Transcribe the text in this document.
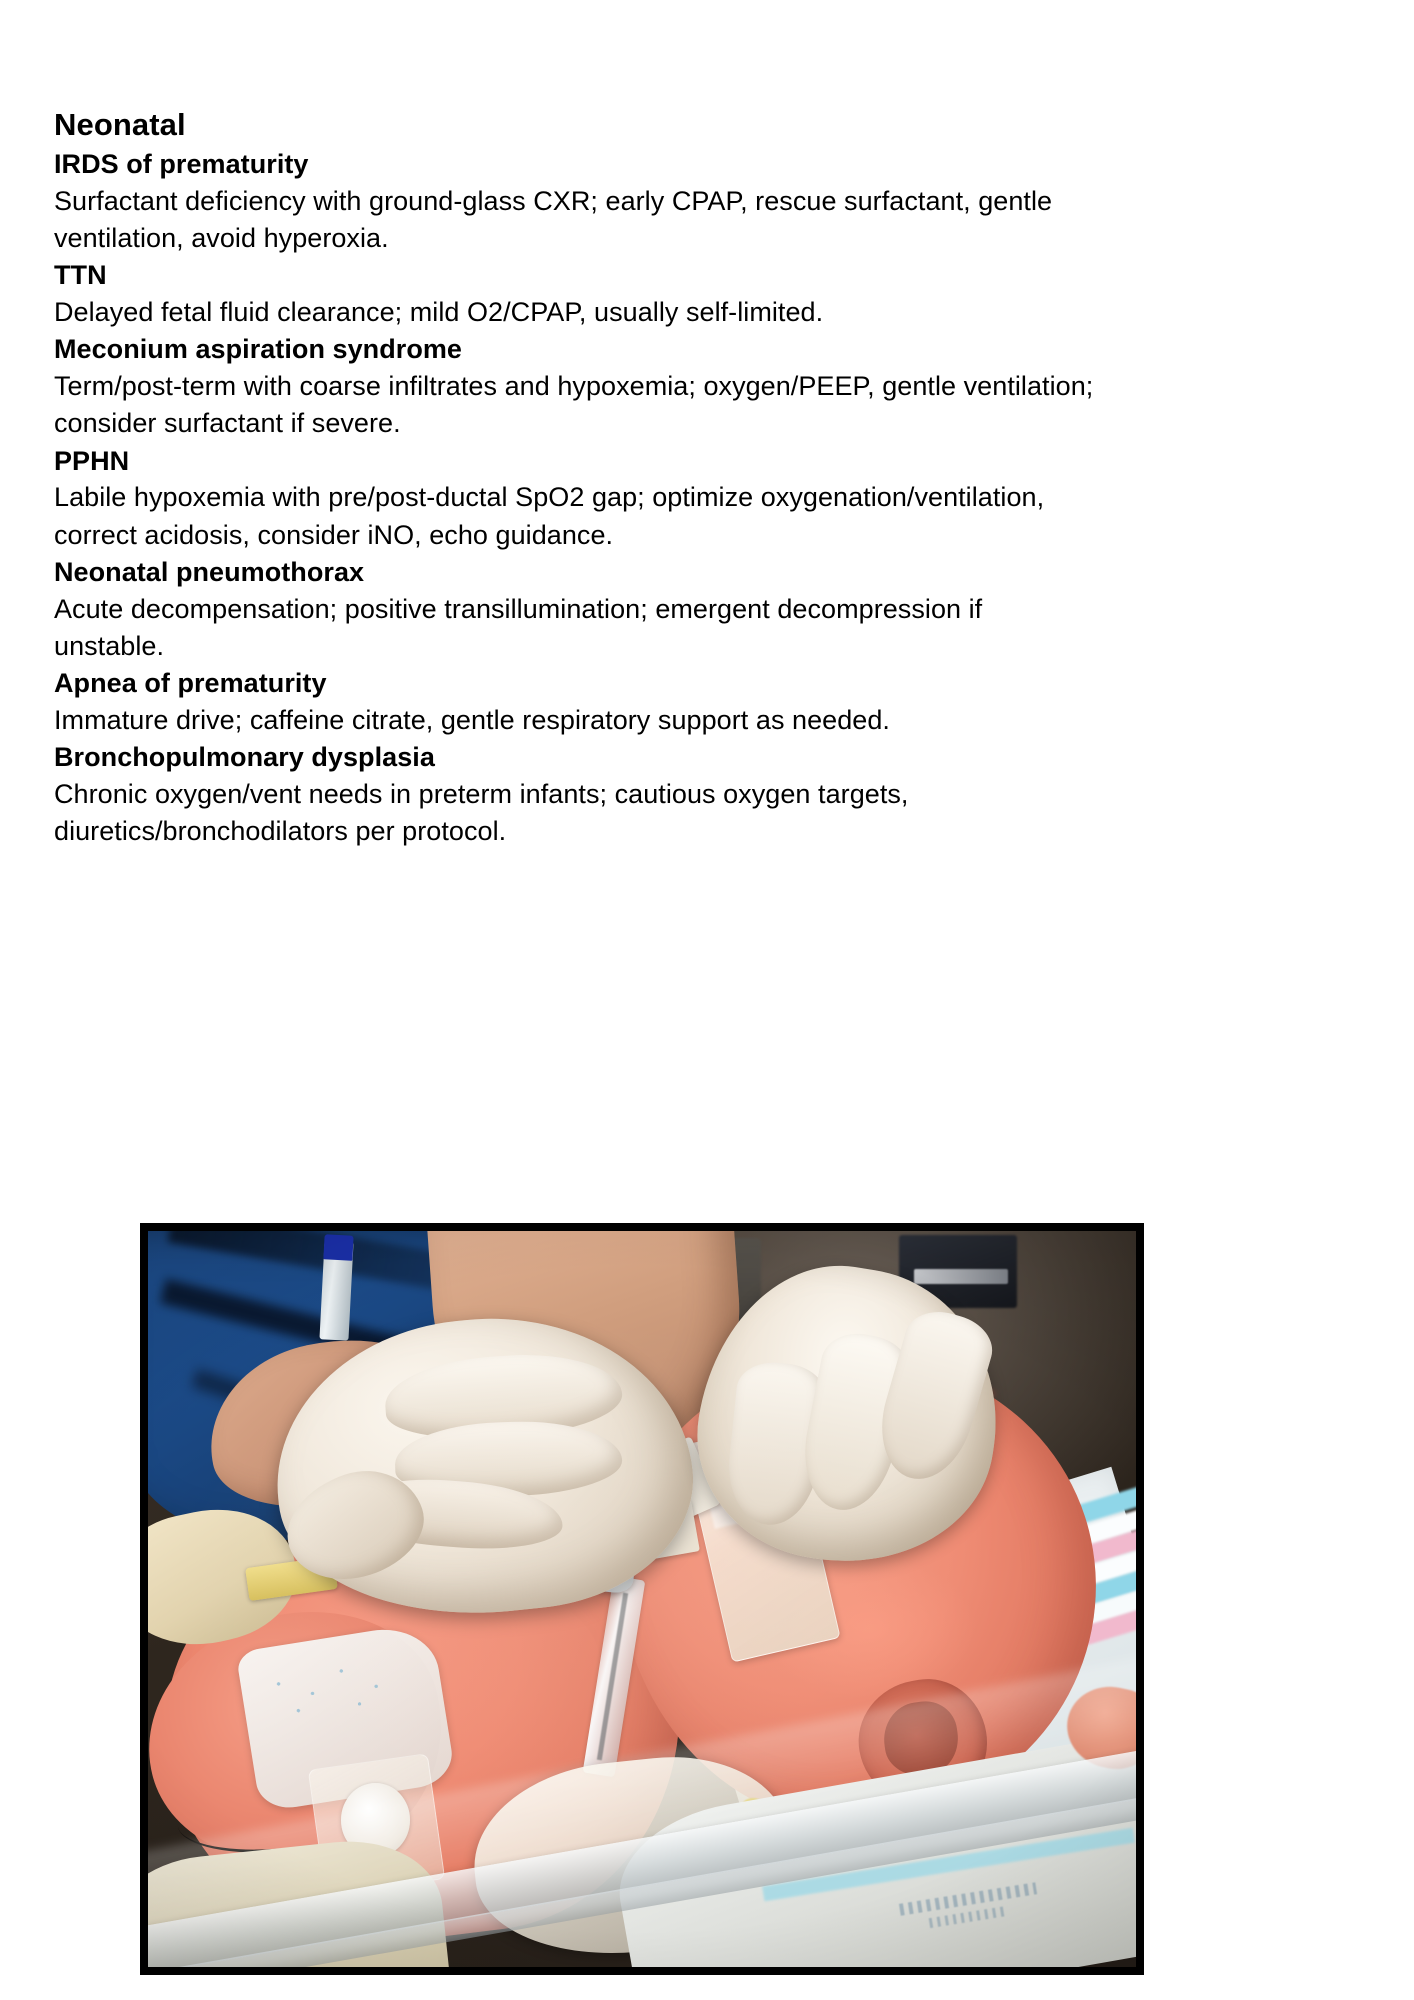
Neonatal
IRDS of prematurity
Surfactant deficiency with ground-glass CXR; early CPAP, rescue surfactant, gentle ventilation, avoid hyperoxia.
TTN
Delayed fetal fluid clearance; mild O2/CPAP, usually self-limited.
Meconium aspiration syndrome
Term/post-term with coarse infiltrates and hypoxemia; oxygen/PEEP, gentle ventilation; consider surfactant if severe.
PPHN
Labile hypoxemia with pre/post-ductal SpO2 gap; optimize oxygenation/ventilation, correct acidosis, consider iNO, echo guidance.
Neonatal pneumothorax
Acute decompensation; positive transillumination; emergent decompression if unstable.
Apnea of prematurity
Immature drive; caffeine citrate, gentle respiratory support as needed.
Bronchopulmonary dysplasia
Chronic oxygen/vent needs in preterm infants; cautious oxygen targets, diuretics/bronchodilators per protocol.
